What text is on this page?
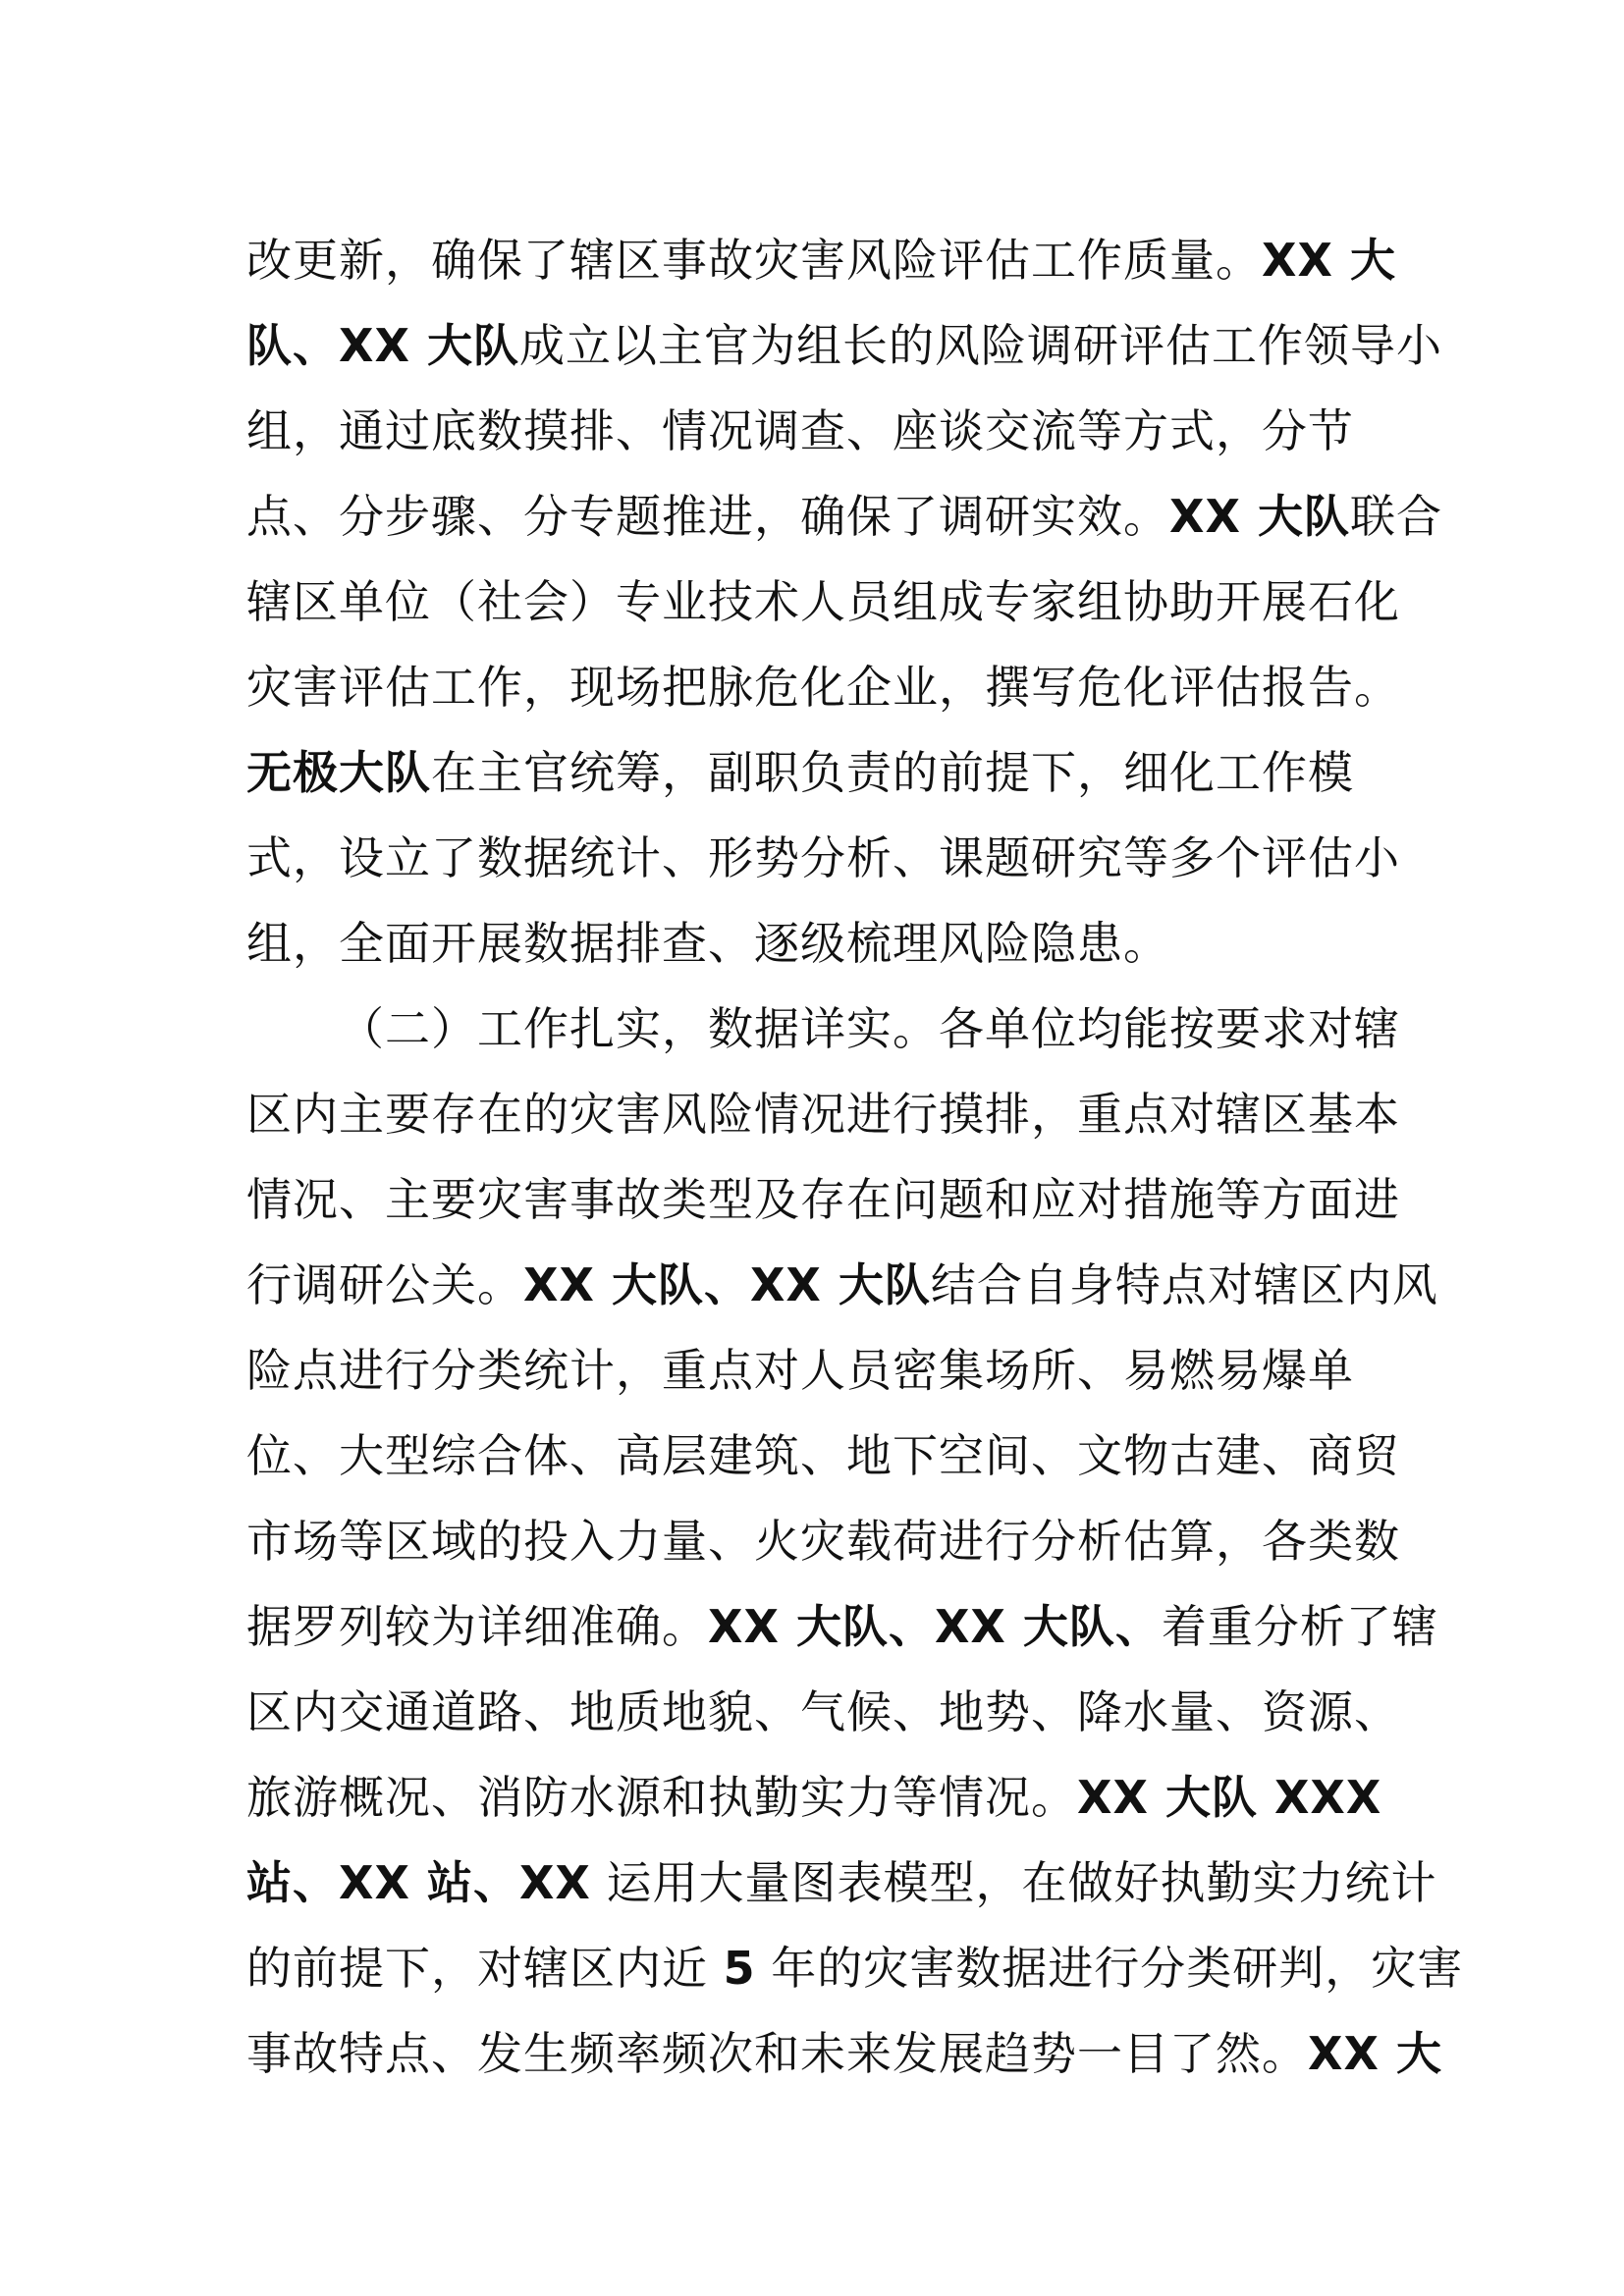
改更新，确保了辖区事故灾害风险评估工作质量。XX 大
队、XX 大队成立以主官为组长的风险调研评估工作领导小
组，通过底数摸排、情况调查、座谈交流等方式，分节
点、分步骤、分专题推进，确保了调研实效。XX 大队联合
辖区单位（社会）专业技术人员组成专家组协助开展石化
灾害评估工作，现场把脉危化企业，撰写危化评估报告。
无极大队在主官统筹，副职负责的前提下，细化工作模
式，设立了数据统计、形势分析、课题研究等多个评估小
组，全面开展数据排查、逐级梳理风险隐患。
（二）工作扎实，数据详实。各单位均能按要求对辖
区内主要存在的灾害风险情况进行摸排，重点对辖区基本
情况、主要灾害事故类型及存在问题和应对措施等方面进
行调研公关。XX 大队、XX 大队结合自身特点对辖区内风
险点进行分类统计，重点对人员密集场所、易燃易爆单
位、大型综合体、高层建筑、地下空间、文物古建、商贸
市场等区域的投入力量、火灾载荷进行分析估算，各类数
据罗列较为详细准确。XX 大队、XX 大队、着重分析了辖
区内交通道路、地质地貌、气候、地势、降水量、资源、
旅游概况、消防水源和执勤实力等情况。XX 大队 XXX
站、XX 站、XX 运用大量图表模型，在做好执勤实力统计
的前提下，对辖区内近 5 年的灾害数据进行分类研判，灾害
事故特点、发生频率频次和未来发展趋势一目了然。XX 大
